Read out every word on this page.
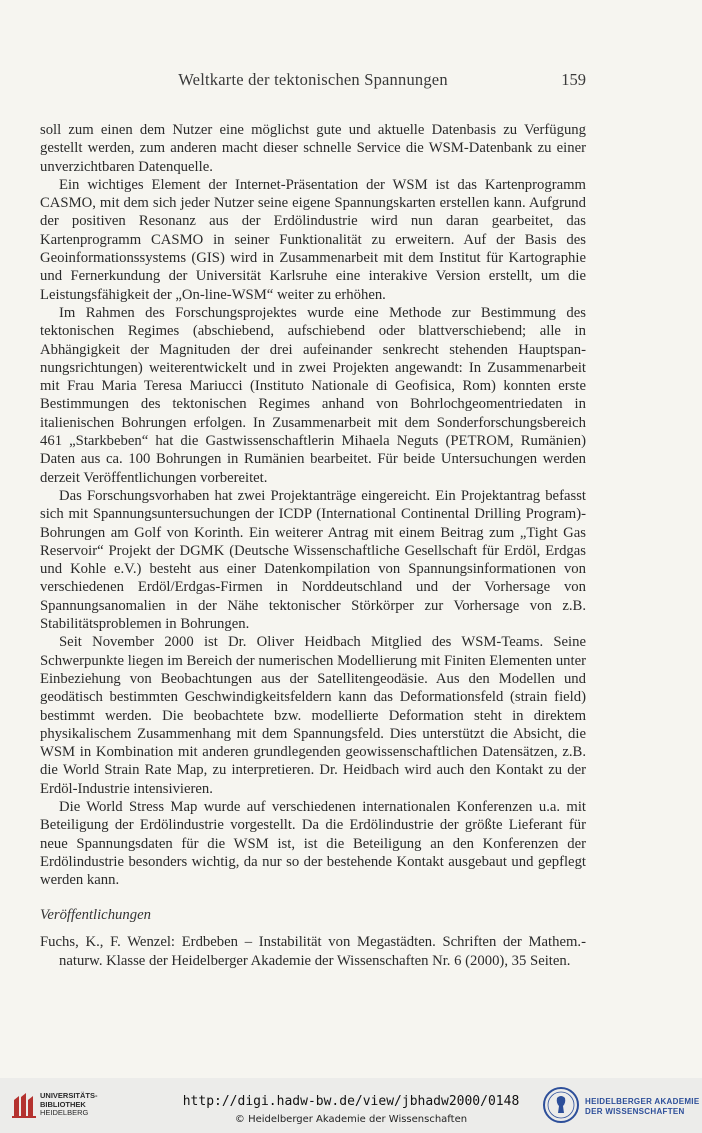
Weltkarte der tektonischen Spannungen	159

soll zum einen dem Nutzer eine möglichst gute und aktuelle Datenbasis zu Verfügung gestellt werden, zum anderen macht dieser schnelle Service die WSM-Datenbank zu einer unverzichtbaren Datenquelle.

Ein wichtiges Element der Internet-Präsentation der WSM ist das Kartenprogramm CASMO, mit dem sich jeder Nutzer seine eigene Spannungskarten erstellen kann. Aufgrund der positiven Resonanz aus der Erdölindustrie wird nun daran gearbeitet, das Kartenprogramm CASMO in seiner Funktionalität zu erweitern. Auf der Basis des Geoinformationssystems (GIS) wird in Zusammenarbeit mit dem Institut für Kartographie und Fernerkundung der Universität Karlsruhe eine interakive Version erstellt, um die Leistungsfähigkeit der „On-line-WSM“ weiter zu erhöhen.

Im Rahmen des Forschungsprojektes wurde eine Methode zur Bestimmung des tektonischen Regimes (abschiebend, aufschiebend oder blattverschiebend; alle in Abhängigkeit der Magnituden der drei aufeinander senkrecht stehenden Hauptspannungsrichtungen) weiterentwickelt und in zwei Projekten angewandt: In Zusammenarbeit mit Frau Maria Teresa Mariucci (Instituto Nationale di Geofisica, Rom) konnten erste Bestimmungen des tektonischen Regimes anhand von Bohrlochgeomentriedaten in italienischen Bohrungen erfolgen. In Zusammenarbeit mit dem Sonderforschungsbereich 461 „Starkbeben“ hat die Gastwissenschaftlerin Mihaela Neguts (PETROM, Rumänien) Daten aus ca. 100 Bohrungen in Rumänien bearbeitet. Für beide Untersuchungen werden derzeit Veröffentlichungen vorbereitet.

Das Forschungsvorhaben hat zwei Projektanträge eingereicht. Ein Projektantrag befasst sich mit Spannungsuntersuchungen der ICDP (International Continental Drilling Program)-Bohrungen am Golf von Korinth. Ein weiterer Antrag mit einem Beitrag zum „Tight Gas Reservoir“ Projekt der DGMK (Deutsche Wissenschaftliche Gesellschaft für Erdöl, Erdgas und Kohle e.V.) besteht aus einer Datenkompilation von Spannungsinformationen von verschiedenen Erdöl/Erdgas-Firmen in Norddeutschland und der Vorhersage von Spannungsanomalien in der Nähe tektonischer Störkörper zur Vorhersage von z.B. Stabilitätsproblemen in Bohrungen.

Seit November 2000 ist Dr. Oliver Heidbach Mitglied des WSM-Teams. Seine Schwerpunkte liegen im Bereich der numerischen Modellierung mit Finiten Elementen unter Einbeziehung von Beobachtungen aus der Satellitengeodäsie. Aus den Modellen und geodätisch bestimmten Geschwindigkeitsfeldern kann das Deformationsfeld (strain field) bestimmt werden. Die beobachtete bzw. modellierte Deformation steht in direktem physikalischem Zusammenhang mit dem Spannungsfeld. Dies unterstützt die Absicht, die WSM in Kombination mit anderen grundlegenden geowissenschaftlichen Datensätzen, z.B. die World Strain Rate Map, zu interpretieren. Dr. Heidbach wird auch den Kontakt zu der Erdöl-Industrie intensivieren.

Die World Stress Map wurde auf verschiedenen internationalen Konferenzen u.a. mit Beteiligung der Erdölindustrie vorgestellt. Da die Erdölindustrie der größte Lieferant für neue Spannungsdaten für die WSM ist, ist die Beteiligung an den Konferenzen der Erdölindustrie besonders wichtig, da nur so der bestehende Kontakt ausgebaut und gepflegt werden kann.

Veröffentlichungen
Fuchs, K., F. Wenzel: Erdbeben – Instabilität von Megastädten. Schriften der Mathem.-naturw. Klasse der Heidelberger Akademie der Wissenschaften Nr. 6 (2000), 35 Seiten.
UNIVERSITÄTS-
BIBLIOTHEK
HEIDELBERG
http://digi.hadw-bw.de/view/jbhadw2000/0148
© Heidelberger Akademie der Wissenschaften
HEIDELBERGER AKADEMIE
DER WISSENSCHAFTEN
